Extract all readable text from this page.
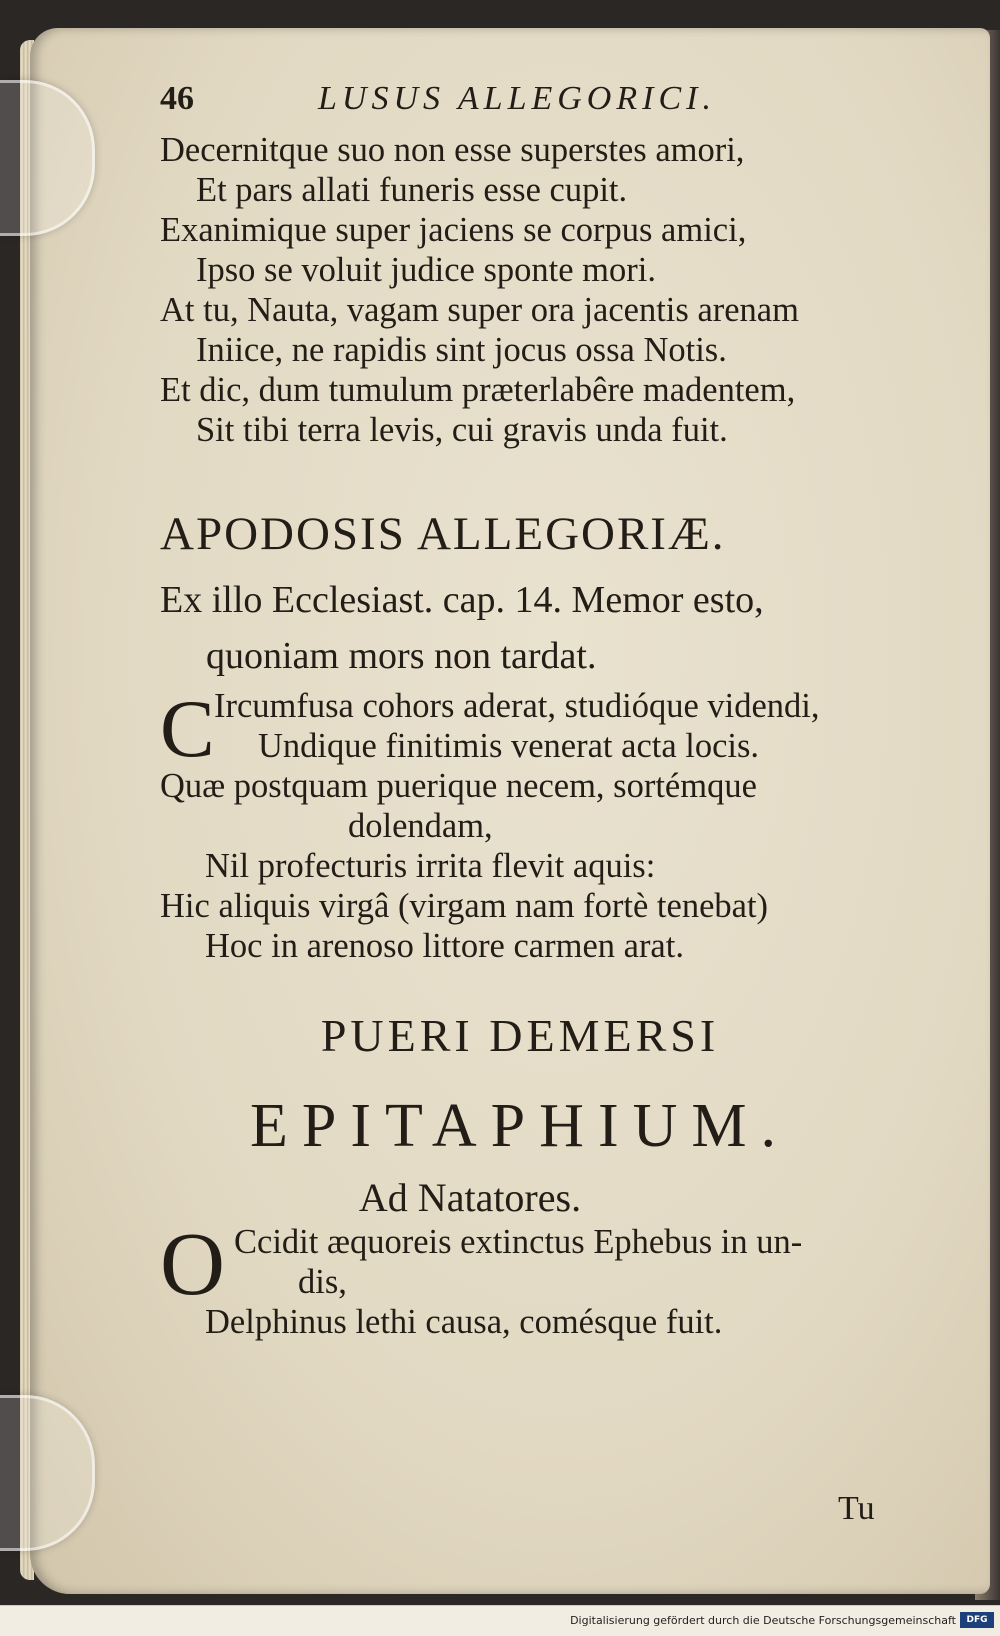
46	LUSUS ALLEGORICI.
Decernitque suo non esse superstes amori,
Et pars allati funeris esse cupit.
Exanimique super jaciens se corpus amici,
Ipso se voluit judice sponte mori.
At tu, Nauta, vagam super ora jacentis arenam
Iniice, ne rapidis sint jocus ossa Notis.
Et dic, dum tumulum præterlabêre madentem,
Sit tibi terra levis, cui gravis unda fuit.
APODOSIS ALLEGORIÆ.
Ex illo Ecclesiast. cap. 14. Memor esto,
quoniam mors non tardat.
C Ircumfusa cohors aderat, studióque videndi,
Undique finitimis venerat acta locis.
Quæ postquam puerique necem, sortémque
dolendam,
Nil profecturis irrita flevit aquis:
Hic aliquis virgâ (virgam nam fortè tenebat)
Hoc in arenoso littore carmen arat.
PUERI DEMERSI
EPITAPHIUM.
Ad Natatores.
O Ccidit æquoreis extinctus Ephebus in un-
dis,
Delphinus lethi causa, comésque fuit.
Tu
Digitalisierung gefördert durch die Deutsche Forschungsgemeinschaft	DFG
